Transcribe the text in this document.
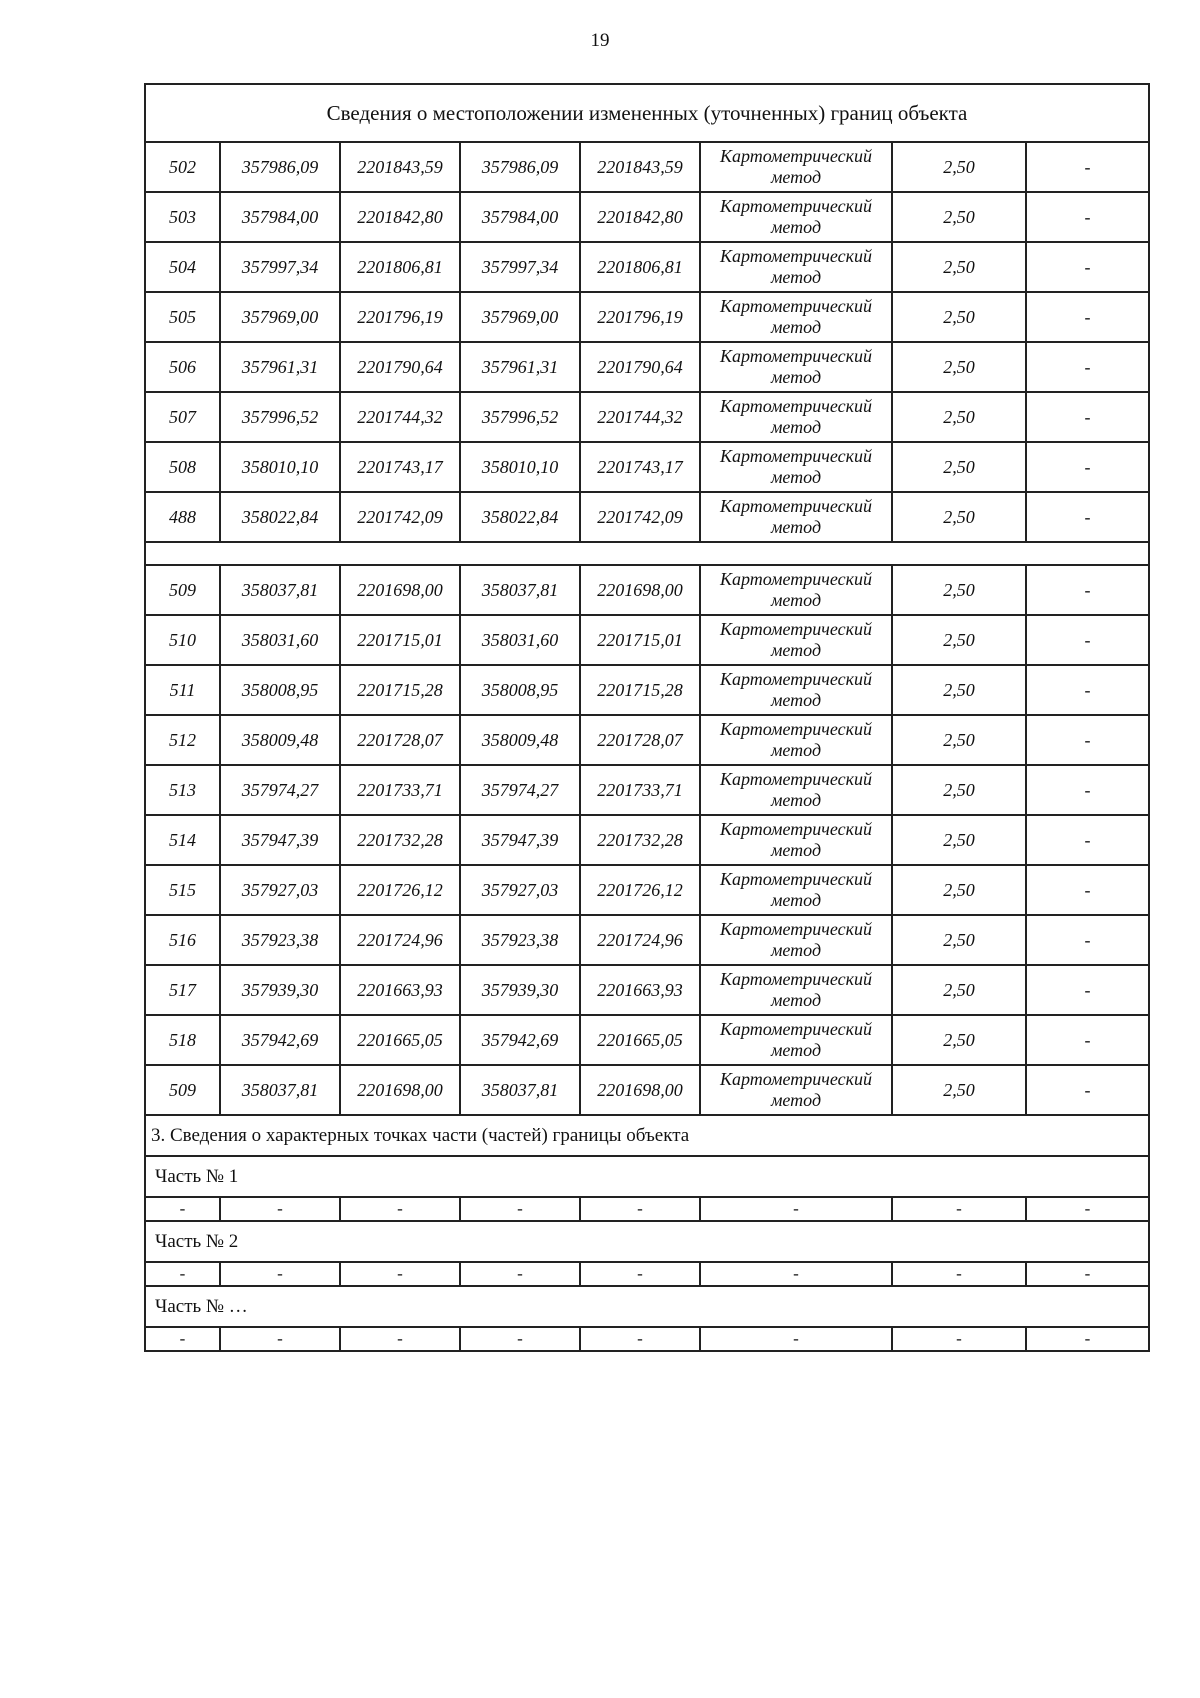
19
Сведения о местоположении измененных (уточненных) границ объекта							
502	357986,09	2201843,59	357986,09	2201843,59	Картометрический метод	2,50	-
503	357984,00	2201842,80	357984,00	2201842,80	Картометрический метод	2,50	-
504	357997,34	2201806,81	357997,34	2201806,81	Картометрический метод	2,50	-
505	357969,00	2201796,19	357969,00	2201796,19	Картометрический метод	2,50	-
506	357961,31	2201790,64	357961,31	2201790,64	Картометрический метод	2,50	-
507	357996,52	2201744,32	357996,52	2201744,32	Картометрический метод	2,50	-
508	358010,10	2201743,17	358010,10	2201743,17	Картометрический метод	2,50	-
488	358022,84	2201742,09	358022,84	2201742,09	Картометрический метод	2,50	-

509	358037,81	2201698,00	358037,81	2201698,00	Картометрический метод	2,50	-
510	358031,60	2201715,01	358031,60	2201715,01	Картометрический метод	2,50	-
511	358008,95	2201715,28	358008,95	2201715,28	Картометрический метод	2,50	-
512	358009,48	2201728,07	358009,48	2201728,07	Картометрический метод	2,50	-
513	357974,27	2201733,71	357974,27	2201733,71	Картометрический метод	2,50	-
514	357947,39	2201732,28	357947,39	2201732,28	Картометрический метод	2,50	-
515	357927,03	2201726,12	357927,03	2201726,12	Картометрический метод	2,50	-
516	357923,38	2201724,96	357923,38	2201724,96	Картометрический метод	2,50	-
517	357939,30	2201663,93	357939,30	2201663,93	Картометрический метод	2,50	-
518	357942,69	2201665,05	357942,69	2201665,05	Картометрический метод	2,50	-
509	358037,81	2201698,00	358037,81	2201698,00	Картометрический метод	2,50	-
3. Сведения о характерных точках части (частей) границы объекта							
Часть № 1							
-	-	-	-	-	-	-	-
Часть № 2							
-	-	-	-	-	-	-	-
Часть № …							
-	-	-	-	-	-	-	-
